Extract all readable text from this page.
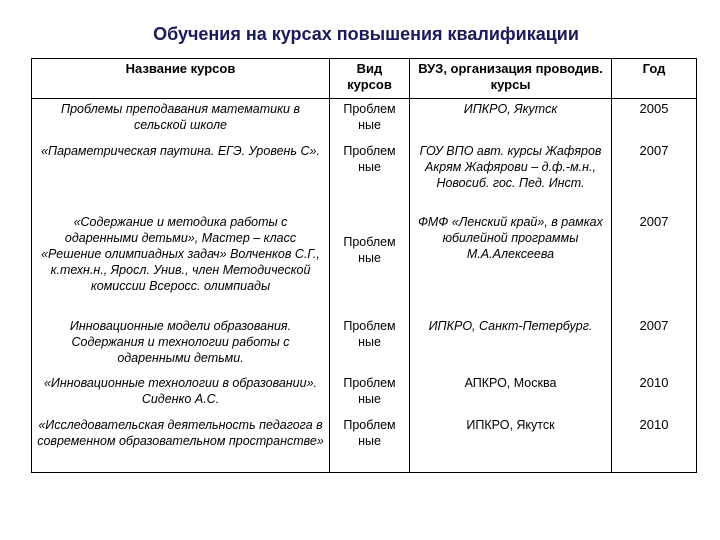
Обучения на курсах повышения квалификации
Название курсов	Вид курсов	ВУЗ, организация проводив. курсы	Год
Проблемы преподавания математики в сельской школе	Проблем ные	ИПКРО, Якутск	2005
«Параметрическая паутина. ЕГЭ. Уровень С».	Проблем ные	ГОУ ВПО авт. курсы Жафяров Акрям Жафярови – д.ф.-м.н., Новосиб. гос. Пед. Инст.	2007
«Содержание и методика работы с одаренными детьми», Мастер – класс «Решение олимпиадных задач» Волченков С.Г., к.техн.н., Яросл. Унив., член Методической комиссии Всеросс. олимпиады	Проблем ные	ФМФ «Ленский край», в рамках юбилейной программы М.А.Алексеева	2007
Инновационные модели образования. Содержания и технологии работы с одаренными детьми.	Проблем ные	ИПКРО, Санкт-Петербург.	2007
«Инновационные технологии в образовании». Сиденко А.С.	Проблем ные	АПКРО, Москва	2010
«Исследовательская деятельность педагога в современном образовательном пространстве»	Проблем ные	ИПКРО, Якутск	2010
